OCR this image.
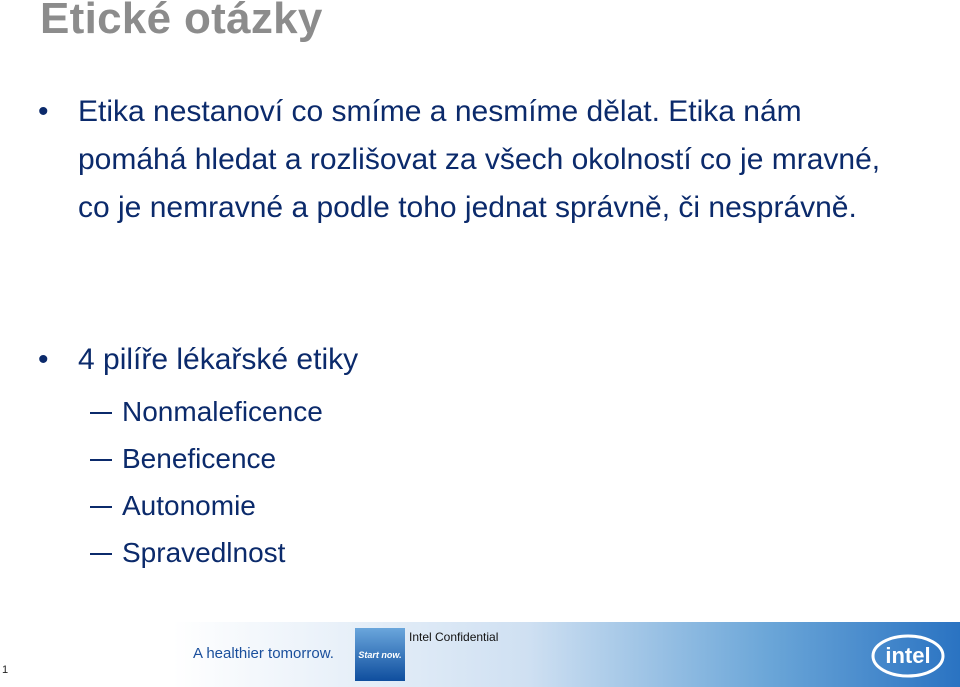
Etické otázky
•
Etika nestanoví co smíme a nesmíme dělat. Etika nám pomáhá hledat a rozlišovat za všech okolností co je mravné, co je nemravné a podle toho jednat správně, či nesprávně.
•
4 pilíře lékařské etiky
Nonmaleficence
Beneficence
Autonomie
Spravedlnost
1
A healthier tomorrow.	Start now.
Intel Confidential
intel
